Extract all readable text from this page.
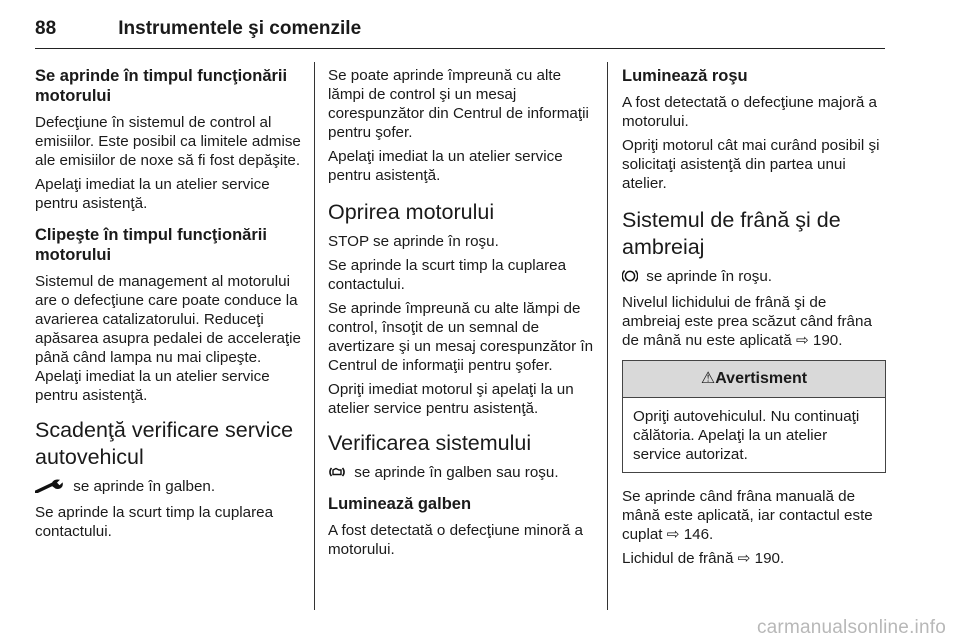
88	Instrumentele şi comenzile
Se aprinde în timpul funcţionării motorului

Defecţiune în sistemul de control al emisiilor. Este posibil ca limitele admise ale emisiilor de noxe să fi fost depăşite.

Apelaţi imediat la un atelier service pentru asistenţă.

Clipeşte în timpul funcţionării motorului

Sistemul de management al motorului are o defecţiune care poate conduce la avarierea catalizatorului. Reduceţi apăsarea asupra pedalei de acceleraţie până când lampa nu mai clipeşte. Apelaţi imediat la un atelier service pentru asistenţă.

Scadenţă verificare service autovehicul

se aprinde în galben.

Se aprinde la scurt timp la cuplarea contactului.

Se poate aprinde împreună cu alte lămpi de control şi un mesaj corespunzător din Centrul de informaţii pentru şofer.

Apelaţi imediat la un atelier service pentru asistenţă.

Oprirea motorului

STOP se aprinde în roşu.

Se aprinde la scurt timp la cuplarea contactului.

Se aprinde împreună cu alte lămpi de control, însoţit de un semnal de avertizare şi un mesaj corespunzător în Centrul de informaţii pentru şofer.

Opriţi imediat motorul şi apelaţi la un atelier service pentru asistenţă.

Verificarea sistemului

se aprinde în galben sau roşu.

Luminează galben

A fost detectată o defecţiune minoră a motorului.

Luminează roşu

A fost detectată o defecţiune majoră a motorului.

Opriţi motorul cât mai curând posibil şi solicitaţi asistenţă din partea unui atelier.

Sistemul de frână şi de ambreiaj

se aprinde în roşu.

Nivelul lichidului de frână şi de ambreiaj este prea scăzut când frâna de mână nu este aplicată ⇨ 190.

⚠Avertisment
Opriţi autovehiculul. Nu continuaţi călătoria. Apelaţi la un atelier service autorizat.

Se aprinde când frâna manuală de mână este aplicată, iar contactul este cuplat ⇨ 146.

Lichidul de frână ⇨ 190.

carmanualsonline.info
